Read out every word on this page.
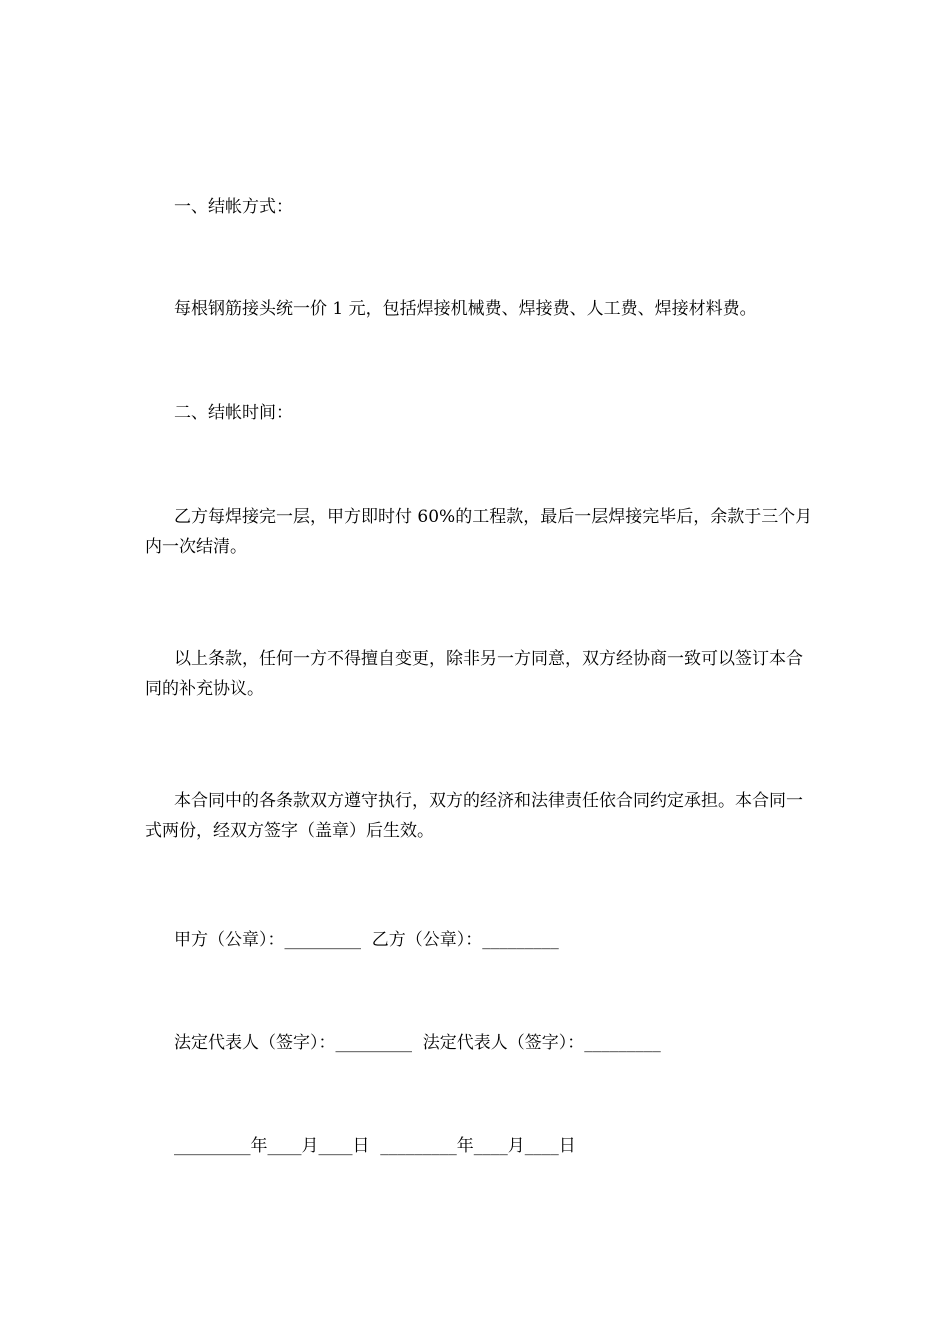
一、结帐方式：

每根钢筋接头统一价 1 元，包括焊接机械费、焊接费、人工费、焊接材料费。

二、结帐时间：

乙方每焊接完一层，甲方即时付 60%的工程款，最后一层焊接完毕后，余款于三个月内一次结清。

以上条款，任何一方不得擅自变更，除非另一方同意，双方经协商一致可以签订本合同的补充协议。

本合同中的各条款双方遵守执行，双方的经济和法律责任依合同约定承担。本合同一式两份，经双方签字（盖章）后生效。

甲方（公章）：_________  乙方（公章）：_________

法定代表人（签字）：_________  法定代表人（签字）：_________

_________年____月____日  _________年____月____日
